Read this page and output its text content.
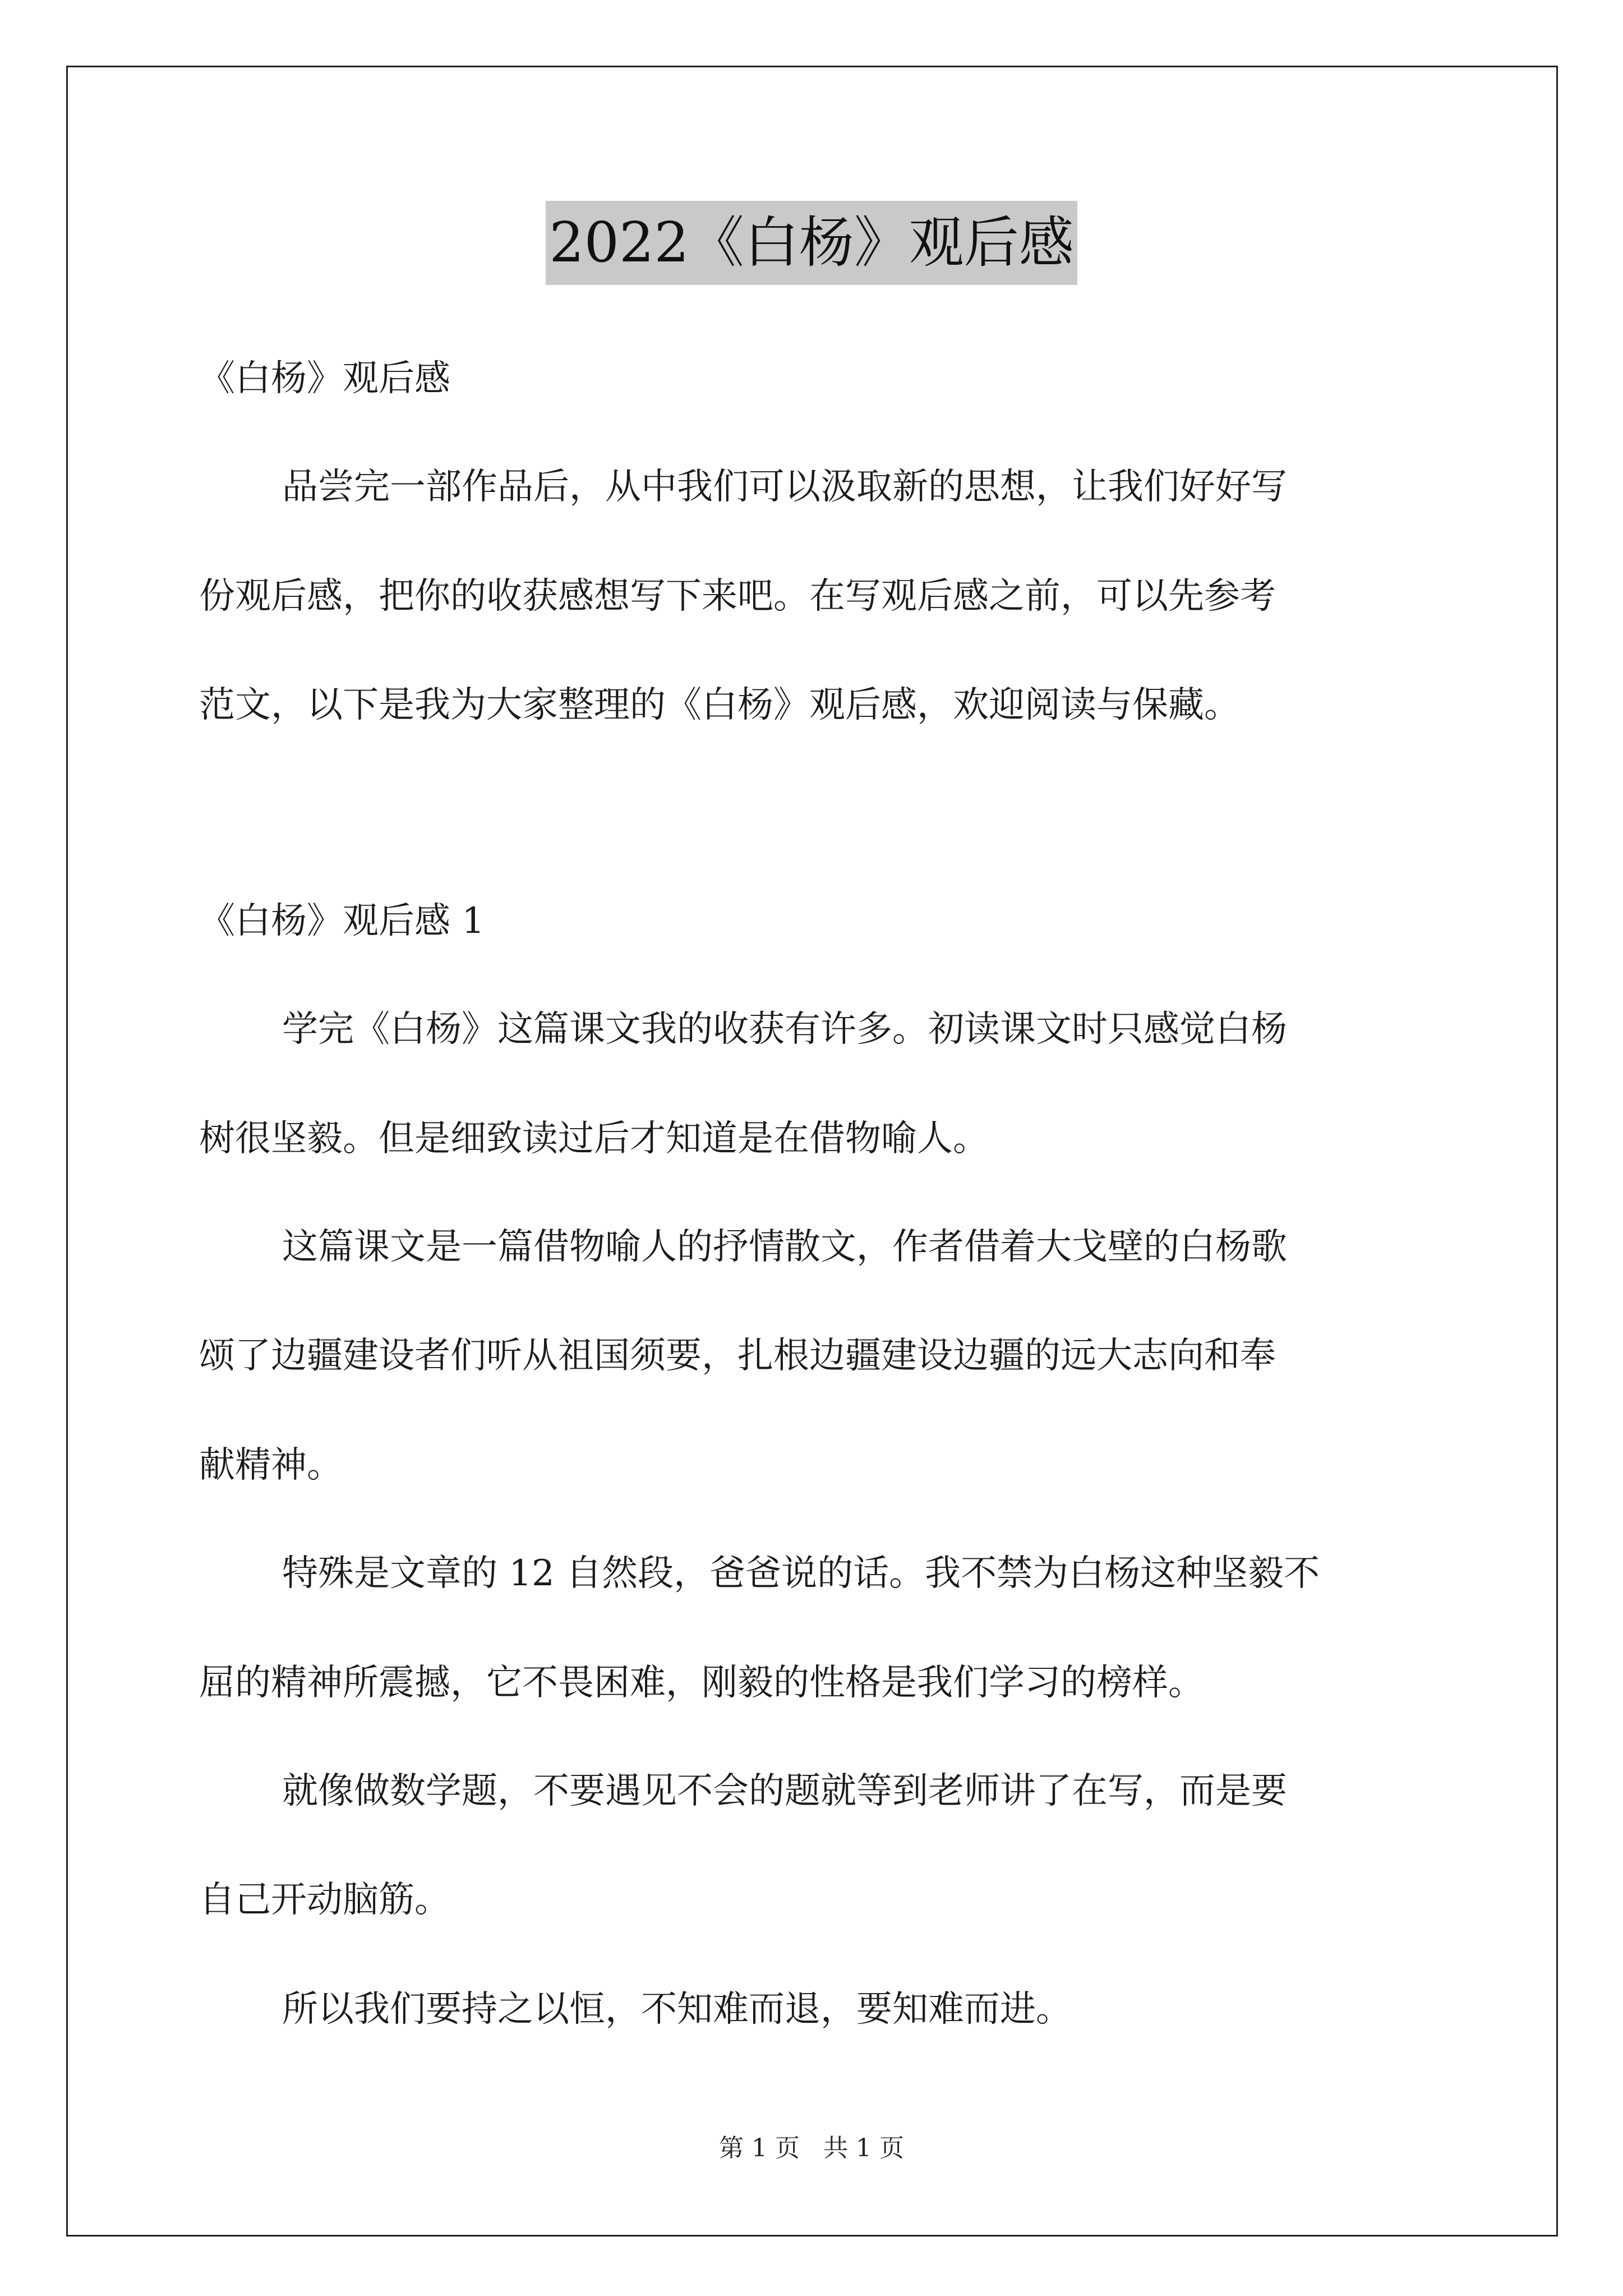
2022《白杨》观后感
《白杨》观后感
品尝完一部作品后，从中我们可以汲取新的思想，让我们好好写
份观后感，把你的收获感想写下来吧。在写观后感之前，可以先参考
范文，以下是我为大家整理的《白杨》观后感，欢迎阅读与保藏。
《白杨》观后感 1
学完《白杨》这篇课文我的收获有许多。初读课文时只感觉白杨
树很坚毅。但是细致读过后才知道是在借物喻人。
这篇课文是一篇借物喻人的抒情散文，作者借着大戈壁的白杨歌
颂了边疆建设者们听从祖国须要，扎根边疆建设边疆的远大志向和奉
献精神。
特殊是文章的 12 自然段，爸爸说的话。我不禁为白杨这种坚毅不
屈的精神所震撼，它不畏困难，刚毅的性格是我们学习的榜样。
就像做数学题，不要遇见不会的题就等到老师讲了在写，而是要
自己开动脑筋。
所以我们要持之以恒，不知难而退，要知难而进。
第 1 页 共 1 页
